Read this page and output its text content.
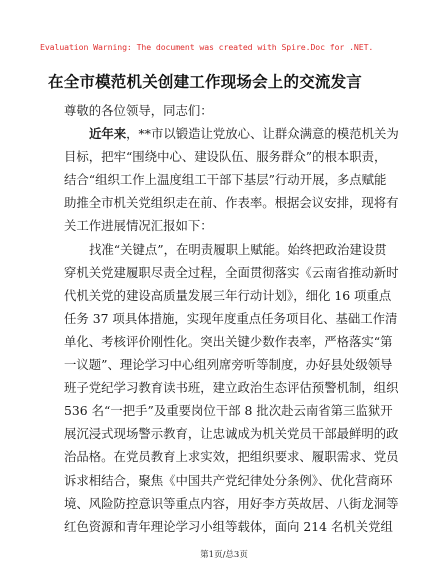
Evaluation Warning: The document was created with Spire.Doc for .NET.
在全市模范机关创建工作现场会上的交流发言
尊敬的各位领导，同志们：
近年来，**市以锻造让党放心、让群众满意的模范机关为
目标，把牢“围绕中心、建设队伍、服务群众”的根本职责，
结合“组织工作上温度组工干部下基层”行动开展，多点赋能
助推全市机关党组织走在前、作表率。根据会议安排，现将有
关工作进展情况汇报如下：
找准“关键点”，在明责履职上赋能。始终把政治建设贯
穿机关党建履职尽责全过程，全面贯彻落实《云南省推动新时
代机关党的建设高质量发展三年行动计划》，细化 16 项重点
任务 37 项具体措施，实现年度重点任务项目化、基础工作清
单化、考核评价刚性化。突出关键少数作表率，严格落实“第
一议题”、理论学习中心组列席旁听等制度，办好县处级领导
班子党纪学习教育读书班，建立政治生态评估预警机制，组织
536 名“一把手”及重要岗位干部 8 批次赴云南省第三监狱开
展沉浸式现场警示教育，让忠诚成为机关党员干部最鲜明的政
治品格。在党员教育上求实效，把组织要求、履职需求、党员
诉求相结合，聚焦《中国共产党纪律处分条例》、优化营商环
境、风险防控意识等重点内容，用好李方英故居、八街龙洞等
红色资源和青年理论学习小组等载体，面向 214 名机关党组
第1页/总3页
